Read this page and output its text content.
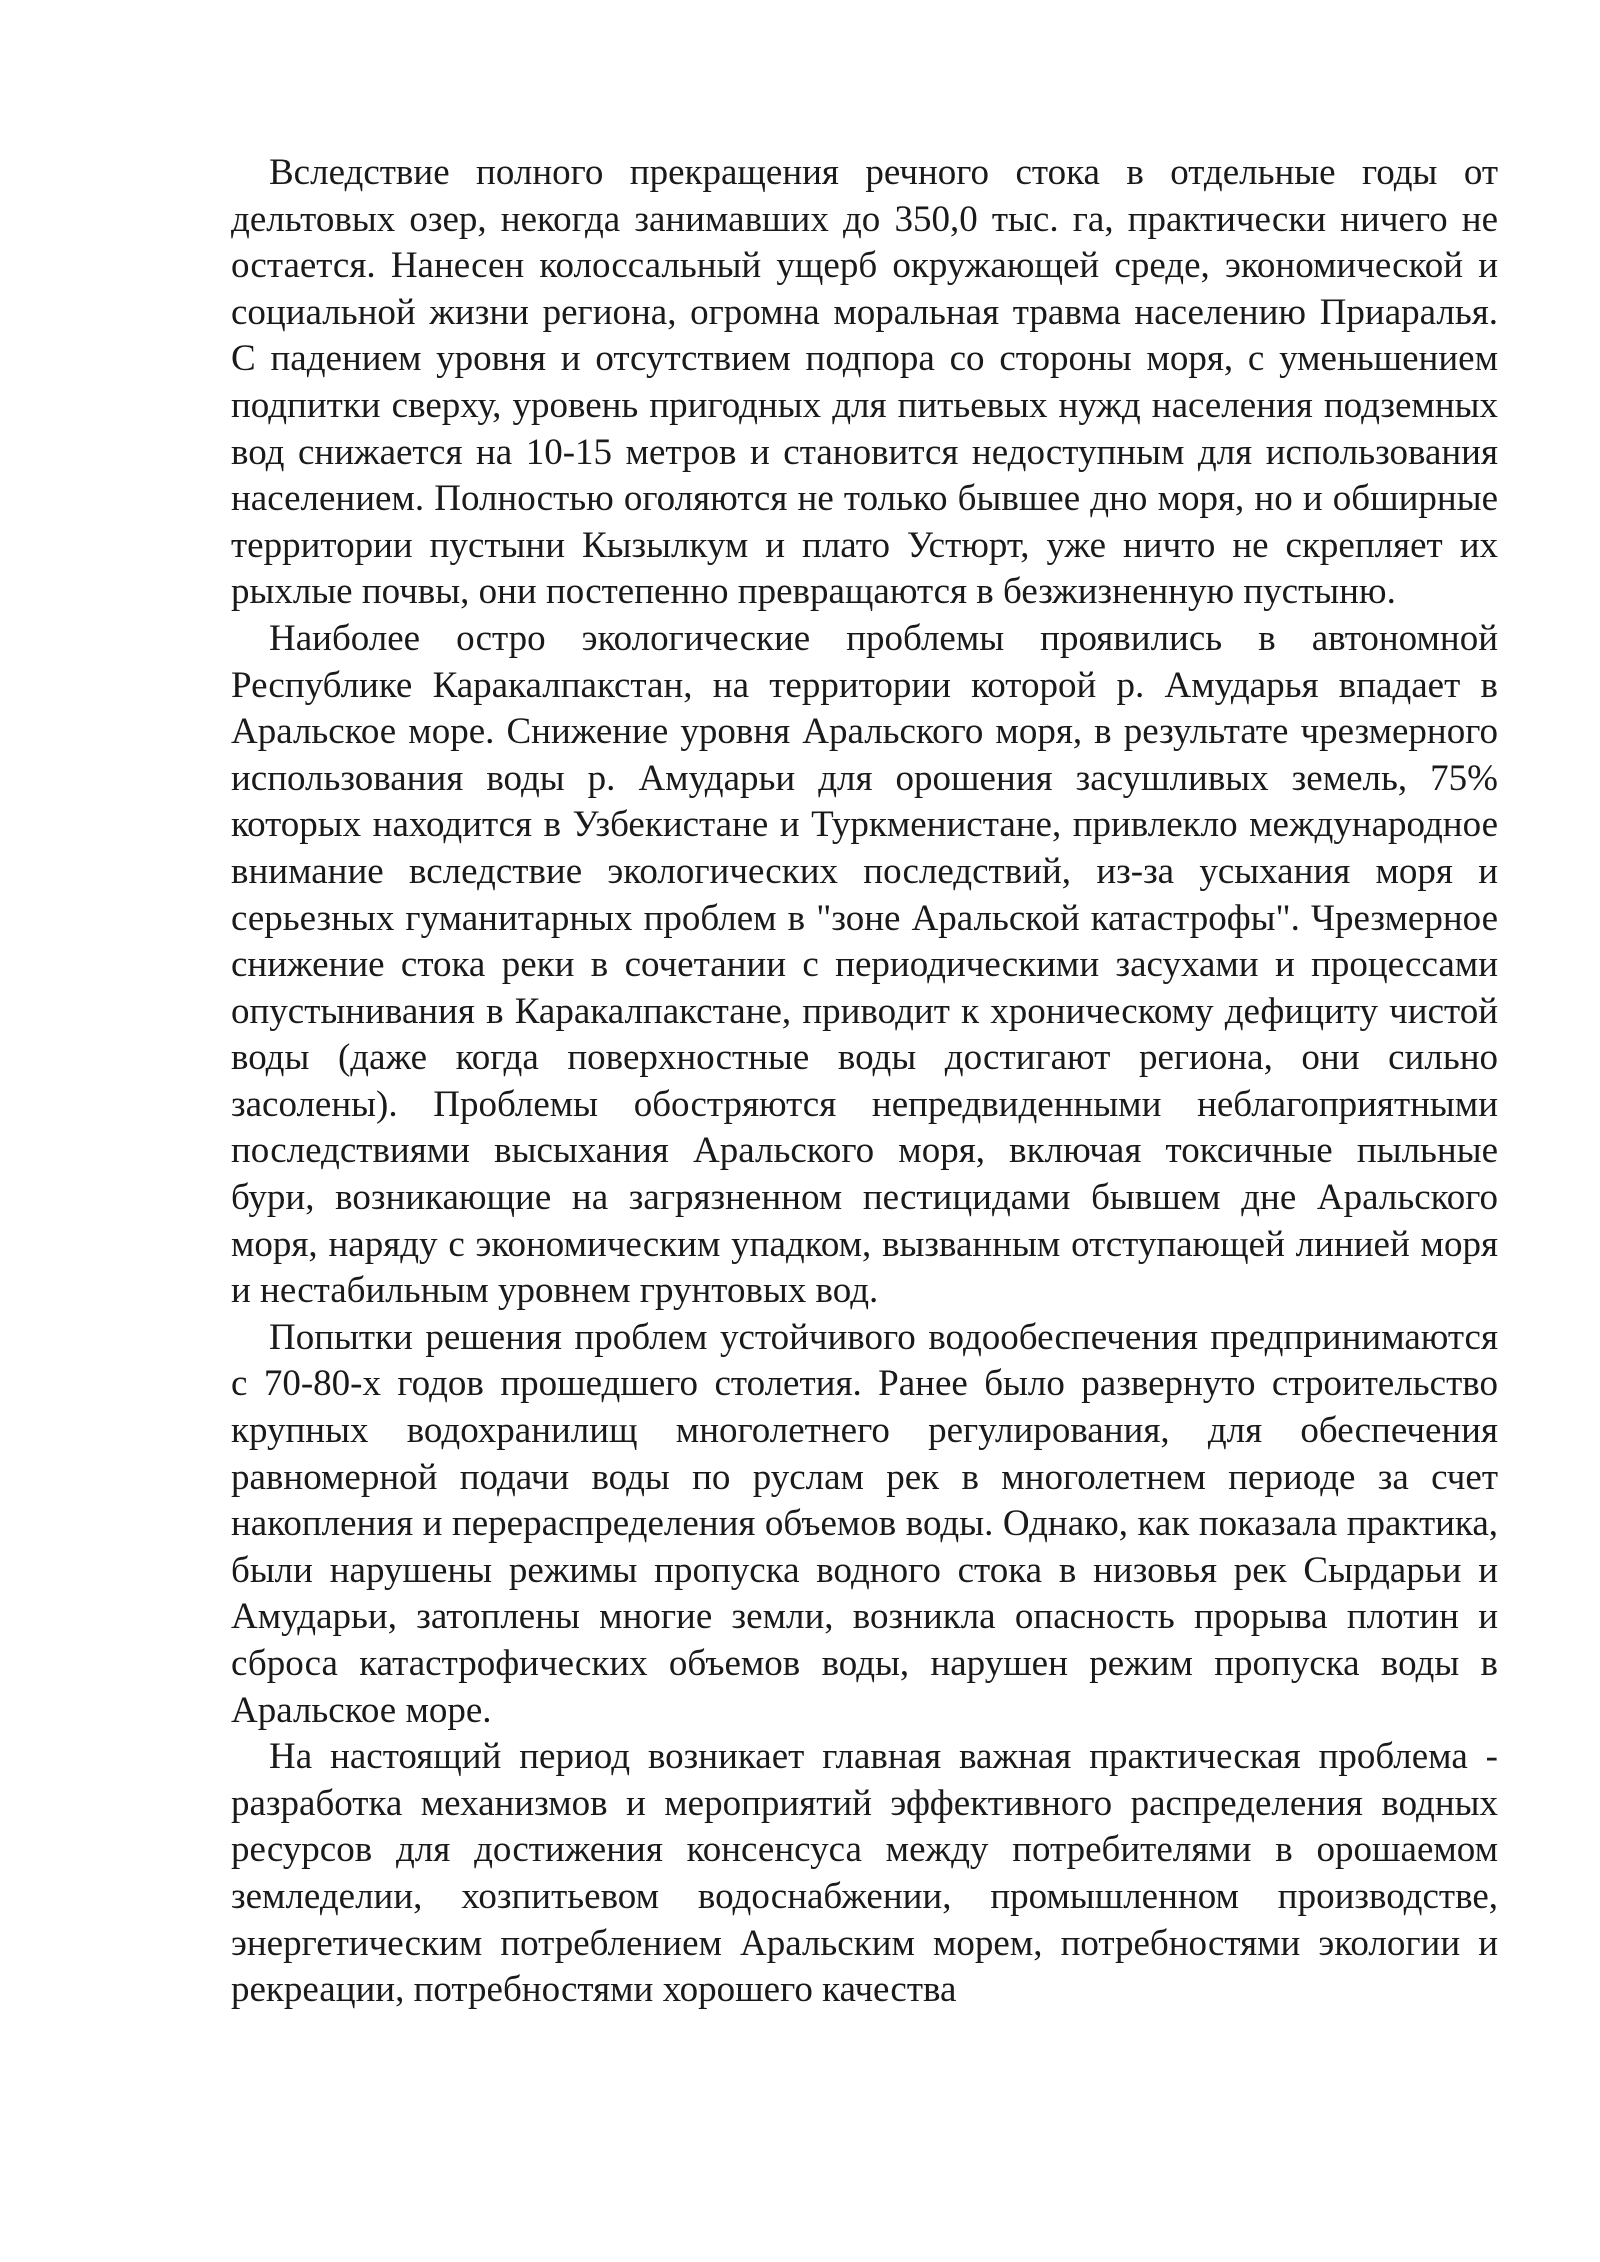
Вследствие полного прекращения речного стока в отдельные годы от дельтовых озер, некогда занимавших до 350,0 тыс. га, практически ничего не остается. Нанесен колоссальный ущерб окружающей среде, экономической и социальной жизни региона, огромна моральная травма населению Приаралья. С падением уровня и отсутствием подпора со стороны моря, с уменьшением подпитки сверху, уровень пригодных для питьевых нужд населения подземных вод снижается на 10-15 метров и становится недоступным для использования населением. Полностью оголяются не только бывшее дно моря, но и обширные территории пустыни Кызылкум и плато Устюрт, уже ничто не скрепляет их рыхлые почвы, они постепенно превращаются в безжизненную пустыню.

Наиболее остро экологические проблемы проявились в автономной Республике Каракалпакстан, на территории которой р. Амударья впадает в Аральское море. Снижение уровня Аральского моря, в результате чрезмерного использования воды р. Амударьи для орошения засушливых земель, 75% которых находится в Узбекистане и Туркменистане, привлекло международное внимание вследствие экологических последствий, из-за усыхания моря и серьезных гуманитарных проблем в "зоне Аральской катастрофы". Чрезмерное снижение стока реки в сочетании с периодическими засухами и процессами опустынивания в Каракалпакстане, приводит к хроническому дефициту чистой воды (даже когда поверхностные воды достигают региона, они сильно засолены). Проблемы обостряются непредвиденными неблагоприятными последствиями высыхания Аральского моря, включая токсичные пыльные бури, возникающие на загрязненном пестицидами бывшем дне Аральского моря, наряду с экономическим упадком, вызванным отступающей линией моря и нестабильным уровнем грунтовых вод.

Попытки решения проблем устойчивого водообеспечения предпринимаются с 70-80-х годов прошедшего столетия. Ранее было развернуто строительство крупных водохранилищ многолетнего регулирования, для обеспечения равномерной подачи воды по руслам рек в многолетнем периоде за счет накопления и перераспределения объемов воды. Однако, как показала практика, были нарушены режимы пропуска водного стока в низовья рек Сырдарьи и Амударьи, затоплены многие земли, возникла опасность прорыва плотин и сброса катастрофических объемов воды, нарушен режим пропуска воды в Аральское море.

На настоящий период возникает главная важная практическая проблема - разработка механизмов и мероприятий эффективного распределения водных ресурсов для достижения консенсуса между потребителями в орошаемом земледелии, хозпитьевом водоснабжении, промышленном производстве, энергетическим потреблением Аральским морем, потребностями экологии и рекреации, потребностями хорошего качества
